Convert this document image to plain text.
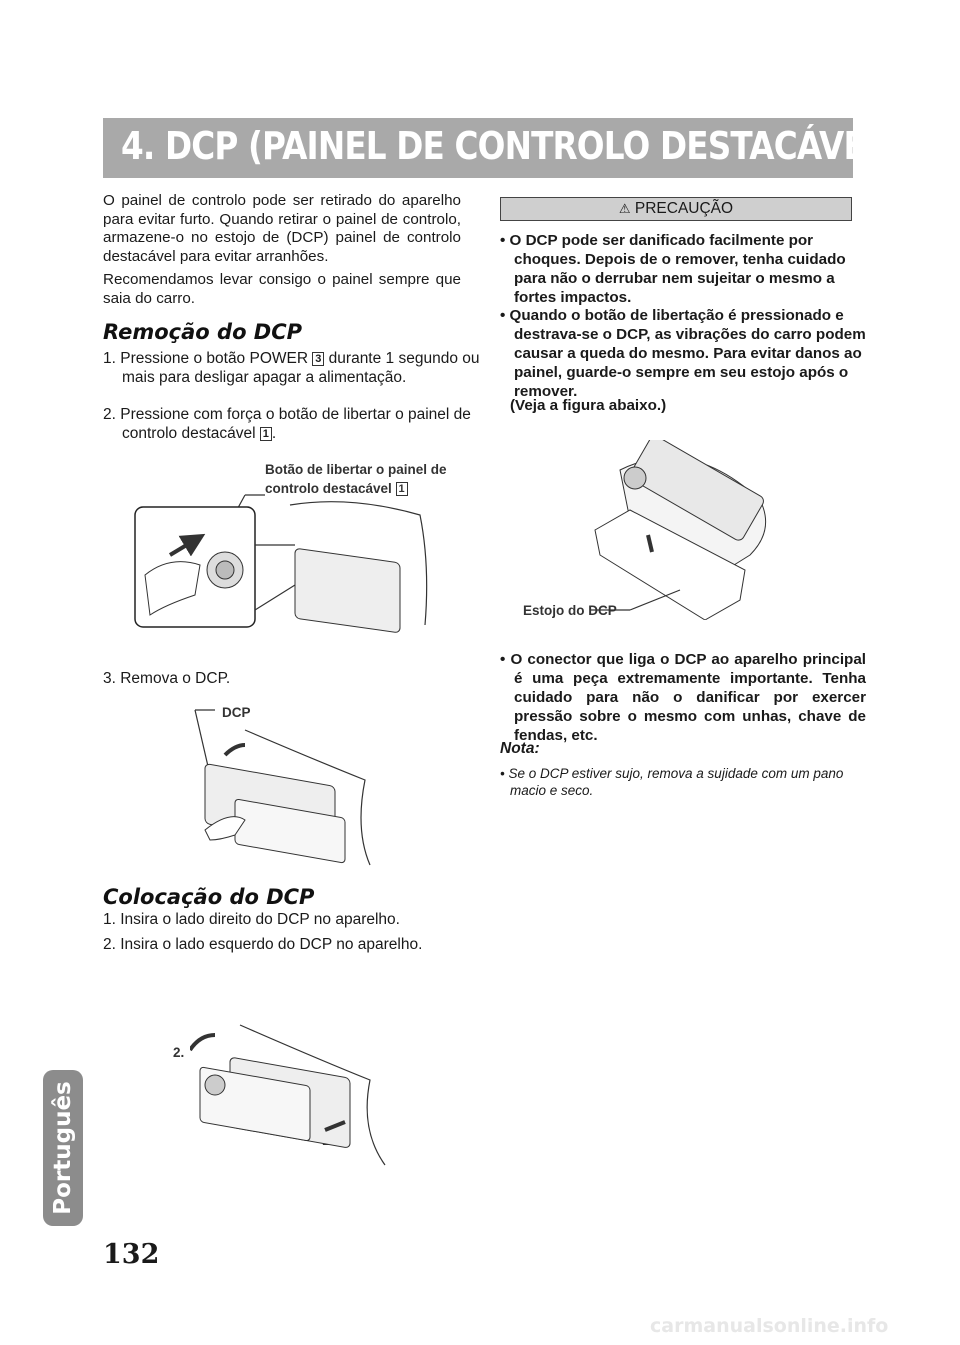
4. DCP (PAINEL DE CONTROLO DESTACÁVEL)
O painel de controlo pode ser retirado do aparelho para evitar furto. Quando retirar o painel de controlo, armazene-o no estojo de (DCP) painel de controlo destacável para evitar arranhões.
Recomendamos levar consigo o painel sempre que saia do carro.
Remoção do DCP
1. Pressione o botão POWER 3 durante 1 segundo ou mais para desligar apagar a alimentação.
2. Pressione com força o botão de libertar o painel de controlo destacável 1 .
Botão de libertar o painel de
controlo destacável 1
3. Remova o DCP.
DCP
Colocação do DCP
1. Insira o lado direito do DCP no aparelho.
2. Insira o lado esquerdo do DCP no aparelho.
2.
⚠ PRECAUÇÃO
• O DCP pode ser danificado facilmente por choques. Depois de o remover, tenha cuidado para não o derrubar nem sujeitar o mesmo a fortes impactos.
• Quando o botão de libertação é pressionado e destrava-se o DCP, as vibrações do carro podem causar a queda do mesmo. Para evitar danos ao painel, guarde-o sempre em seu estojo após o remover.
(Veja a figura abaixo.)
Estojo do DCP
• O conector que liga o DCP ao aparelho principal é uma peça extremamente importante. Tenha cuidado para não o danificar por exercer pressão sobre o mesmo com unhas, chave de fendas, etc.
Nota:
• Se o DCP estiver sujo, remova a sujidade com um pano macio e seco.
Português
132
carmanualsonline.info
